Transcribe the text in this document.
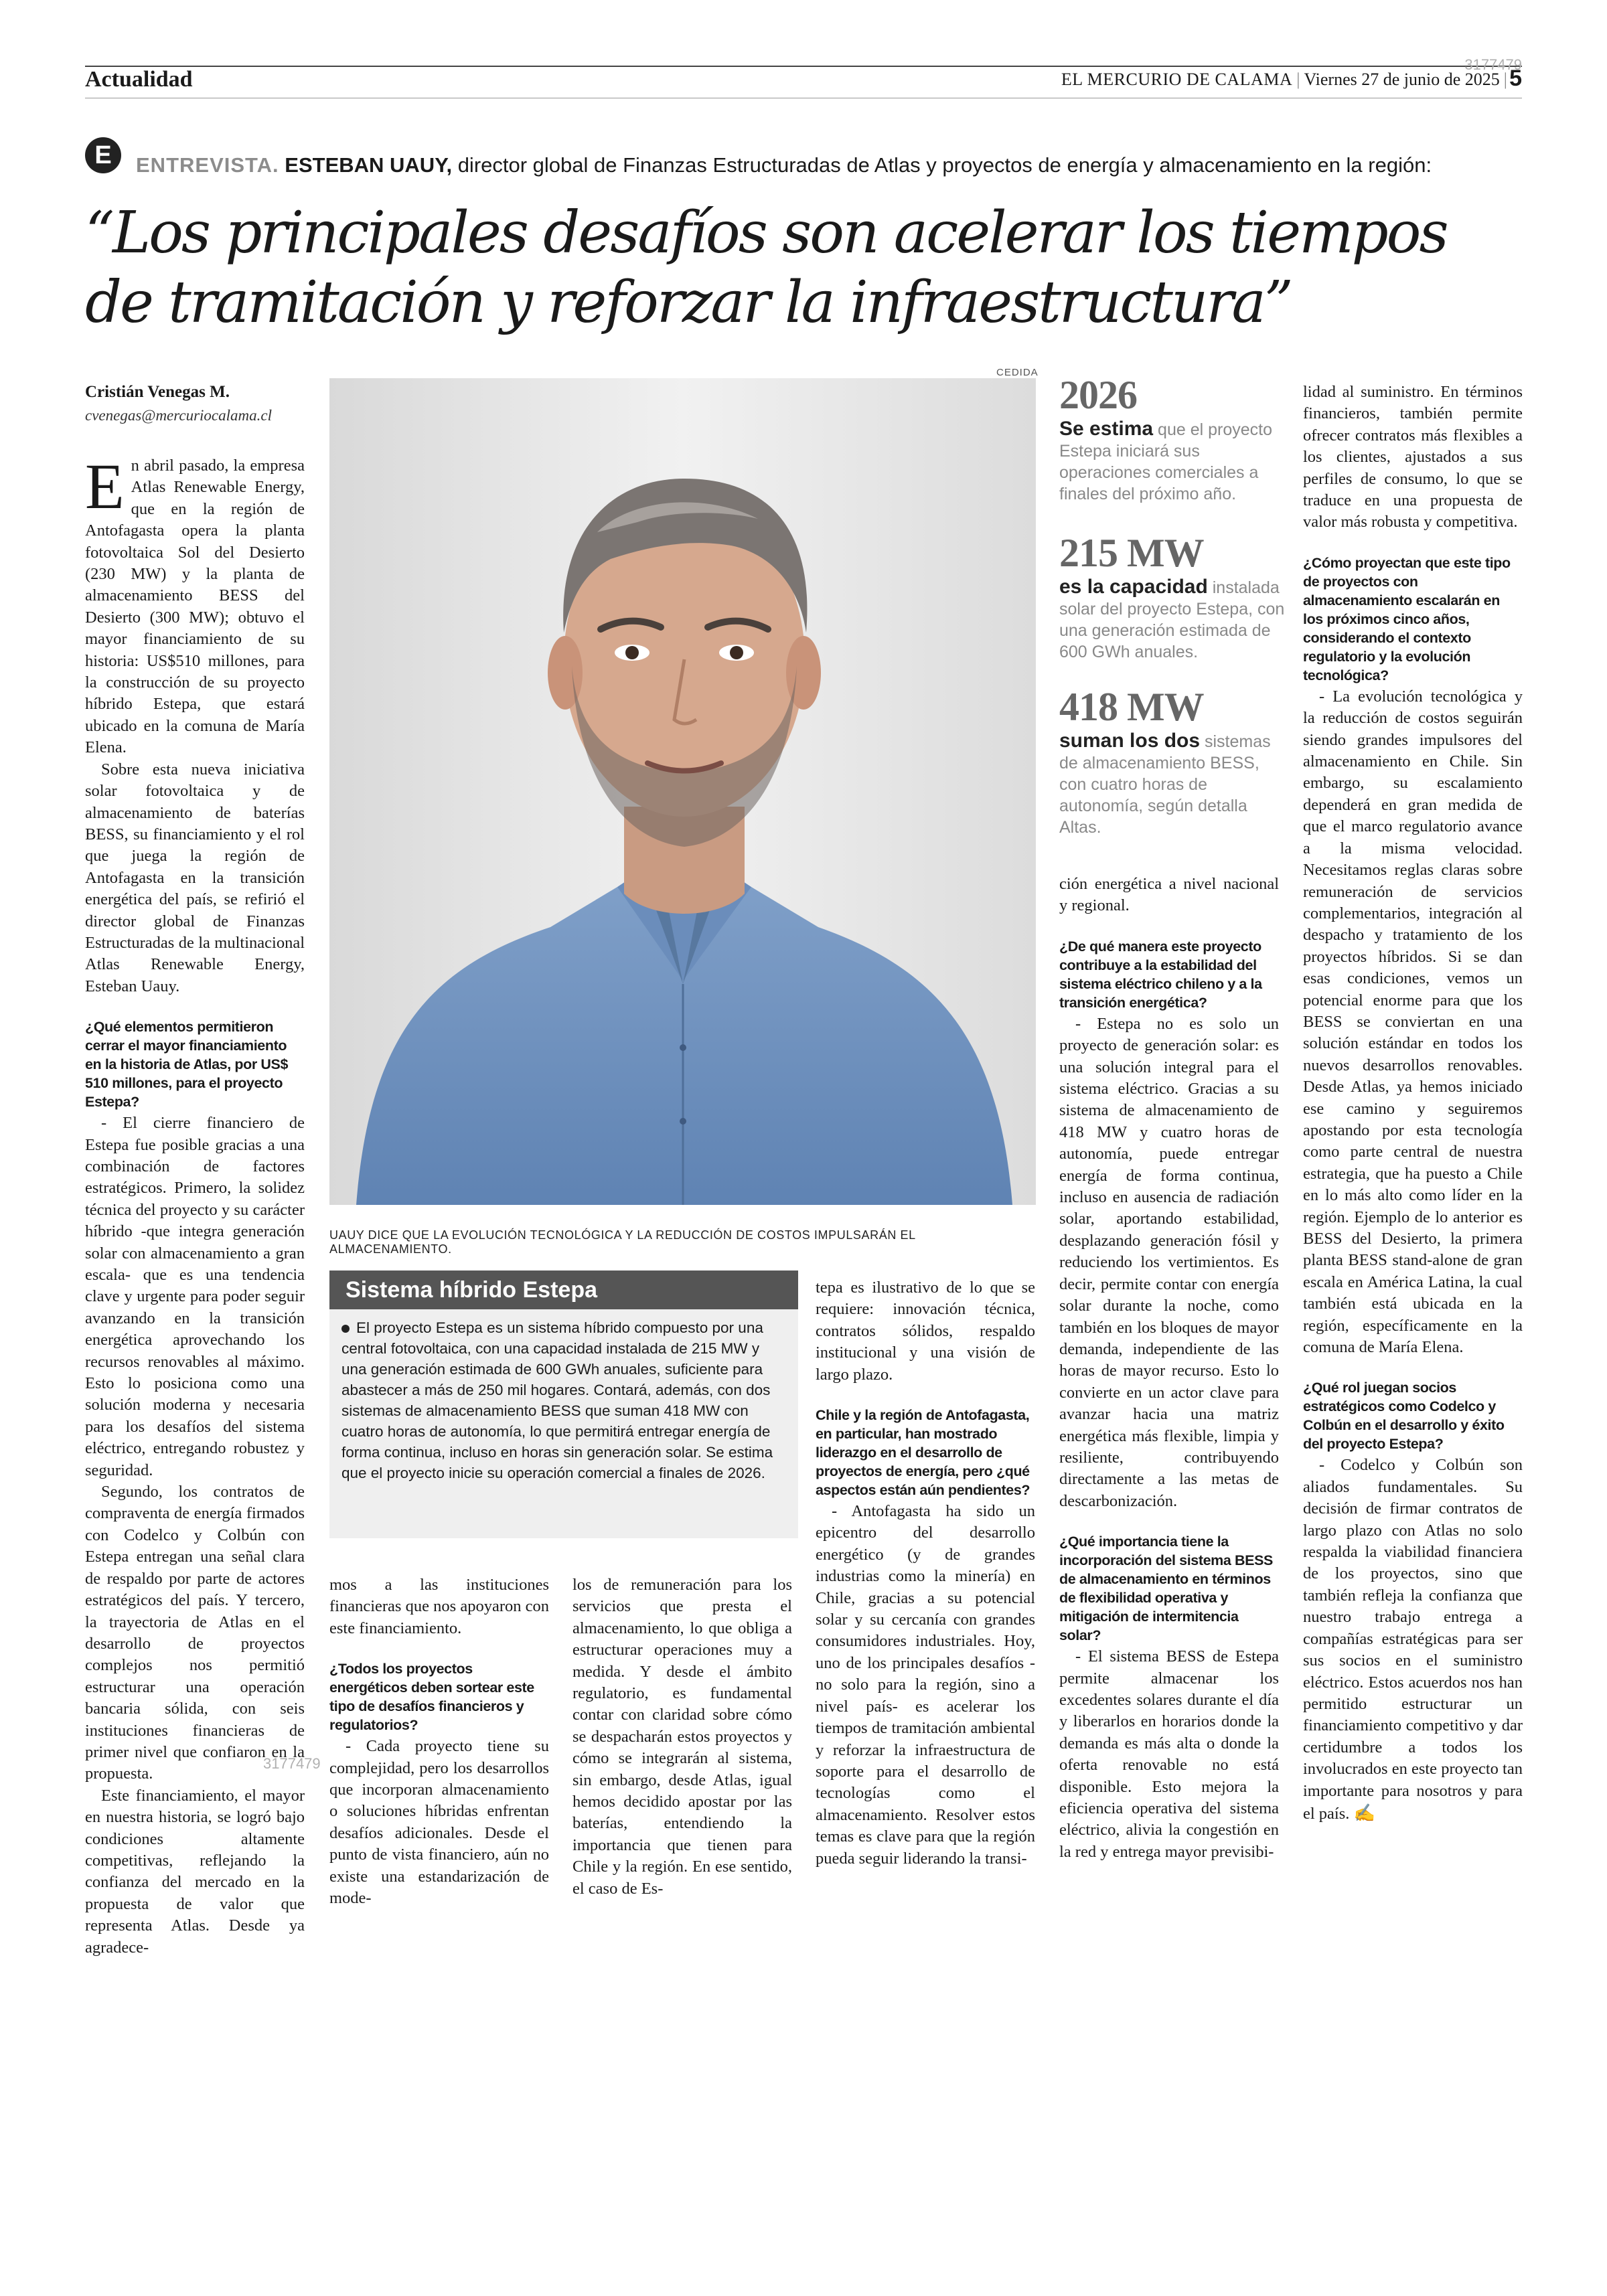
Actualidad	EL MERCURIO DE CALAMA | Viernes 27 de junio de 2025 | 5
3177479
E	ENTREVISTA. ESTEBAN UAUY, director global de Finanzas Estructuradas de Atlas y proyectos de energía y almacenamiento en la región:
“Los principales desafíos son acelerar los tiempos de tramitación y reforzar la infraestructura”
Cristián Venegas M.
cvenegas@mercuriocalama.cl

En abril pasado, la empresa Atlas Renewable Energy, que en la región de Antofagasta opera la planta fotovoltaica Sol del Desierto (230 MW) y la planta de almacenamiento BESS del Desierto (300 MW); obtuvo el mayor financiamiento de su historia: US$510 millones, para la construcción de su proyecto híbrido Estepa, que estará ubicado en la comuna de María Elena.

Sobre esta nueva iniciativa solar fotovoltaica y de almacenamiento de baterías BESS, su financiamiento y el rol que juega la región de Antofagasta en la transición energética del país, se refirió el director global de Finanzas Estructuradas de la multinacional Atlas Renewable Energy, Esteban Uauy.

¿Qué elementos permitieron cerrar el mayor financiamiento en la historia de Atlas, por US$ 510 millones, para el proyecto Estepa?

- El cierre financiero de Estepa fue posible gracias a una combinación de factores estratégicos. Primero, la solidez técnica del proyecto y su carácter híbrido -que integra generación solar con almacenamiento a gran escala- que es una tendencia clave y urgente para poder seguir avanzando en la transición energética aprovechando los recursos renovables al máximo. Esto lo posiciona como una solución moderna y necesaria para los desafíos del sistema eléctrico, entregando robustez y seguridad.

Segundo, los contratos de compraventa de energía firmados con Codelco y Colbún con Estepa entregan una señal clara de respaldo por parte de actores estratégicos del país. Y tercero, la trayectoria de Atlas en el desarrollo de proyectos complejos nos permitió estructurar una operación bancaria sólida, con seis instituciones financieras de primer nivel que confiaron en la propuesta.

Este financiamiento, el mayor en nuestra historia, se logró bajo condiciones altamente competitivas, reflejando la confianza del mercado en la propuesta de valor que representa Atlas. Desde ya agradece-

3177479
CEDIDA
UAUY DICE QUE LA EVOLUCIÓN TECNOLÓGICA Y LA REDUCCIÓN DE COSTOS IMPULSARÁN EL ALMACENAMIENTO.
Sistema híbrido Estepa
El proyecto Estepa es un sistema híbrido compuesto por una central fotovoltaica, con una capacidad instalada de 215 MW y una generación estimada de 600 GWh anuales, suficiente para abastecer a más de 250 mil hogares. Contará, además, con dos sistemas de almacenamiento BESS que suman 418 MW con cuatro horas de autonomía, lo que permitirá entregar energía de forma continua, incluso en horas sin generación solar. Se estima que el proyecto inicie su operación comercial a finales de 2026.

mos a las instituciones financieras que nos apoyaron con este financiamiento.

¿Todos los proyectos energéticos deben sortear este tipo de desafíos financieros y regulatorios?

- Cada proyecto tiene su complejidad, pero los desarrollos que incorporan almacenamiento o soluciones híbridas enfrentan desafíos adicionales. Desde el punto de vista financiero, aún no existe una estandarización de mode-

los de remuneración para los servicios que presta el almacenamiento, lo que obliga a estructurar operaciones muy a medida. Y desde el ámbito regulatorio, es fundamental contar con claridad sobre cómo se despacharán estos proyectos y cómo se integrarán al sistema, sin embargo, desde Atlas, igual hemos decidido apostar por las baterías, entendiendo la importancia que tienen para Chile y la región. En ese sentido, el caso de Es-

tepa es ilustrativo de lo que se requiere: innovación técnica, contratos sólidos, respaldo institucional y una visión de largo plazo.

Chile y la región de Antofagasta, en particular, han mostrado liderazgo en el desarrollo de proyectos de energía, pero ¿qué aspectos están aún pendientes?

- Antofagasta ha sido un epicentro del desarrollo energético (y de grandes industrias como la minería) en Chile, gracias a su potencial solar y su cercanía con grandes consumidores industriales. Hoy, uno de los principales desafíos -no solo para la región, sino a nivel país- es acelerar los tiempos de tramitación ambiental y reforzar la infraestructura de soporte para el desarrollo de tecnologías como el almacenamiento. Resolver estos temas es clave para que la región pueda seguir liderando la transi-

2026
Se estima que el proyecto Estepa iniciará sus operaciones comerciales a finales del próximo año.
215 MW
es la capacidad instalada solar del proyecto Estepa, con una generación estimada de 600 GWh anuales.
418 MW
suman los dos sistemas de almacenamiento BESS, con cuatro horas de autonomía, según detalla Altas.

ción energética a nivel nacional y regional.

¿De qué manera este proyecto contribuye a la estabilidad del sistema eléctrico chileno y a la transición energética?

- Estepa no es solo un proyecto de generación solar: es una solución integral para el sistema eléctrico. Gracias a su sistema de almacenamiento de 418 MW y cuatro horas de autonomía, puede entregar energía de forma continua, incluso en ausencia de radiación solar, aportando estabilidad, desplazando generación fósil y reduciendo los vertimientos. Es decir, permite contar con energía solar durante la noche, como también en los bloques de mayor demanda, independiente de las horas de mayor recurso. Esto lo convierte en un actor clave para avanzar hacia una matriz energética más flexible, limpia y resiliente, contribuyendo directamente a las metas de descarbonización.

¿Qué importancia tiene la incorporación del sistema BESS de almacenamiento en términos de flexibilidad operativa y mitigación de intermitencia solar?

- El sistema BESS de Estepa permite almacenar los excedentes solares durante el día y liberarlos en horarios donde la demanda es más alta o donde la oferta renovable no está disponible. Esto mejora la eficiencia operativa del sistema eléctrico, alivia la congestión en la red y entrega mayor previsibi-

lidad al suministro. En términos financieros, también permite ofrecer contratos más flexibles a los clientes, ajustados a sus perfiles de consumo, lo que se traduce en una propuesta de valor más robusta y competitiva.

¿Cómo proyectan que este tipo de proyectos con almacenamiento escalarán en los próximos cinco años, considerando el contexto regulatorio y la evolución tecnológica?

- La evolución tecnológica y la reducción de costos seguirán siendo grandes impulsores del almacenamiento en Chile. Sin embargo, su escalamiento dependerá en gran medida de que el marco regulatorio avance a la misma velocidad. Necesitamos reglas claras sobre remuneración de servicios complementarios, integración al despacho y tratamiento de los proyectos híbridos. Si se dan esas condiciones, vemos un potencial enorme para que los BESS se conviertan en una solución estándar en todos los nuevos desarrollos renovables. Desde Atlas, ya hemos iniciado ese camino y seguiremos apostando por esta tecnología como parte central de nuestra estrategia, que ha puesto a Chile en lo más alto como líder en la región. Ejemplo de lo anterior es BESS del Desierto, la primera planta BESS stand-alone de gran escala en América Latina, la cual también está ubicada en la región, específicamente en la comuna de María Elena.

¿Qué rol juegan socios estratégicos como Codelco y Colbún en el desarrollo y éxito del proyecto Estepa?

- Codelco y Colbún son aliados fundamentales. Su decisión de firmar contratos de largo plazo con Atlas no solo respalda la viabilidad financiera de los proyectos, sino que también refleja la confianza que nuestro trabajo entrega a compañías estratégicas para ser sus socios en el suministro eléctrico. Estos acuerdos nos han permitido estructurar un financiamiento competitivo y dar certidumbre a todos los involucrados en este proyecto tan importante para nosotros y para el país. ✍
